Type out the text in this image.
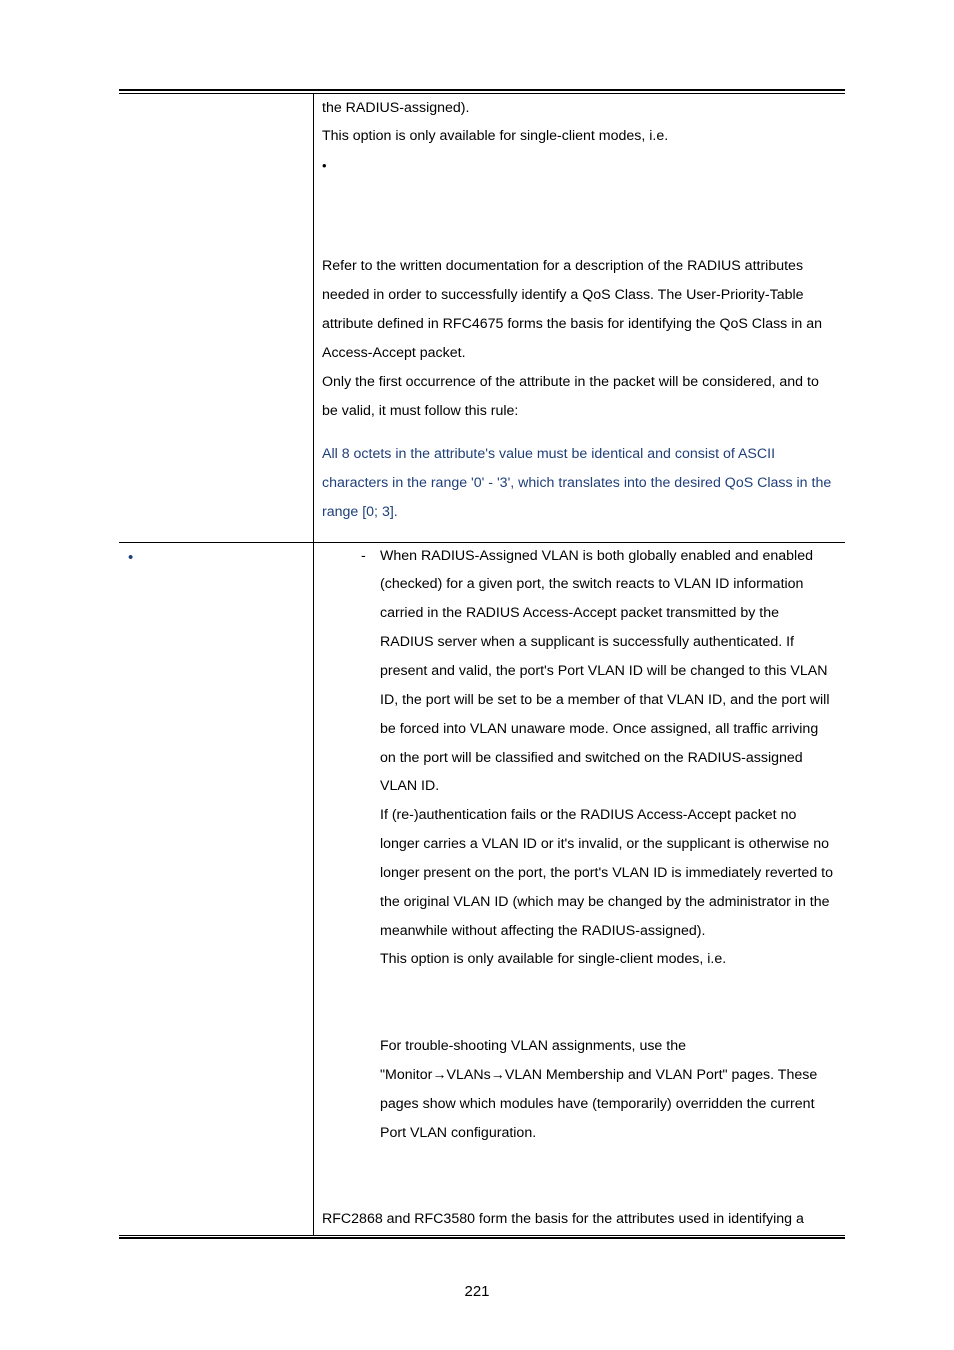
the RADIUS-assigned).
This option is only available for single-client modes, i.e.
•
Refer to the written documentation for a description of the RADIUS attributes
needed in order to successfully identify a QoS Class. The User-Priority-Table
attribute defined in RFC4675 forms the basis for identifying the QoS Class in an
Access-Accept packet.
Only the first occurrence of the attribute in the packet will be considered, and to
be valid, it must follow this rule:
All 8 octets in the attribute's value must be identical and consist of ASCII
characters in the range '0' - '3', which translates into the desired QoS Class in the
range [0; 3].
•	- When RADIUS-Assigned VLAN is both globally enabled and enabled
(checked) for a given port, the switch reacts to VLAN ID information
carried in the RADIUS Access-Accept packet transmitted by the
RADIUS server when a supplicant is successfully authenticated. If
present and valid, the port's Port VLAN ID will be changed to this VLAN
ID, the port will be set to be a member of that VLAN ID, and the port will
be forced into VLAN unaware mode. Once assigned, all traffic arriving
on the port will be classified and switched on the RADIUS-assigned
VLAN ID.
If (re-)authentication fails or the RADIUS Access-Accept packet no
longer carries a VLAN ID or it's invalid, or the supplicant is otherwise no
longer present on the port, the port's VLAN ID is immediately reverted to
the original VLAN ID (which may be changed by the administrator in the
meanwhile without affecting the RADIUS-assigned).
This option is only available for single-client modes, i.e.
For trouble-shooting VLAN assignments, use the
"Monitor→VLANs→VLAN Membership and VLAN Port" pages. These
pages show which modules have (temporarily) overridden the current
Port VLAN configuration.
RFC2868 and RFC3580 form the basis for the attributes used in identifying a
221
